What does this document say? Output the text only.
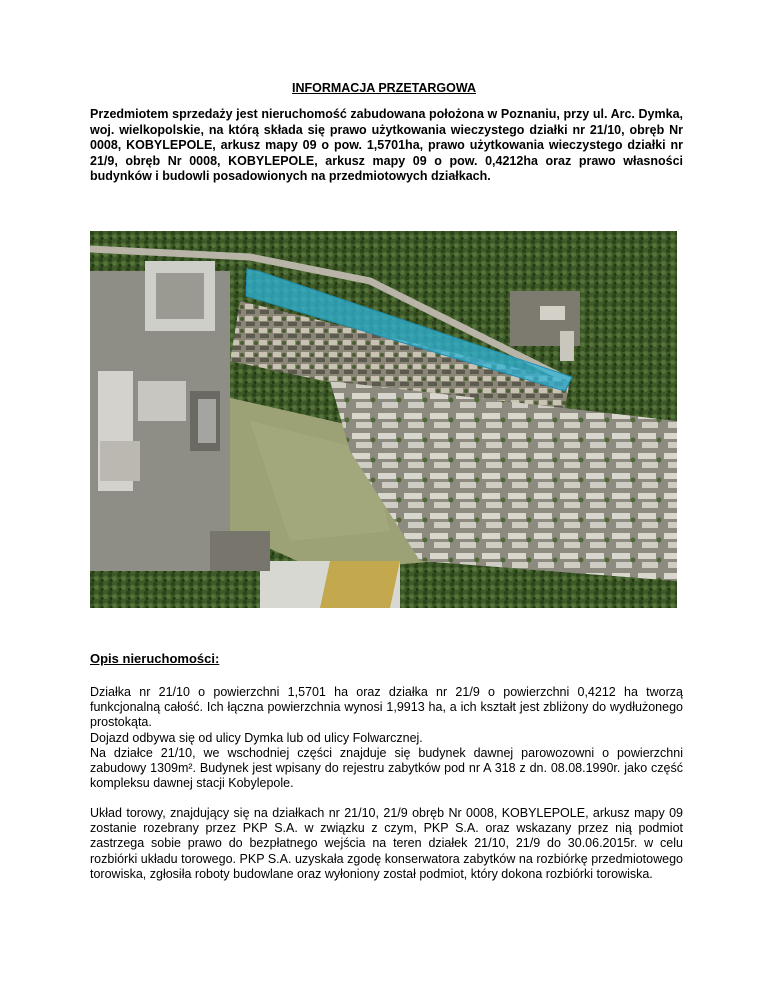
INFORMACJA PRZETARGOWA

Przedmiotem sprzedaży jest nieruchomość zabudowana położona w Poznaniu, przy ul. Arc. Dymka, woj. wielkopolskie, na którą składa się prawo użytkowania wieczystego działki nr 21/10, obręb Nr 0008, KOBYLEPOLE, arkusz mapy 09 o pow. 1,5701ha, prawo użytkowania wieczystego działki nr 21/9, obręb Nr 0008, KOBYLEPOLE, arkusz mapy 09 o pow. 0,4212ha oraz prawo własności budynków i budowli posadowionych na przedmiotowych działkach.

Opis nieruchomości:
Działka nr 21/10 o powierzchni 1,5701 ha oraz działka nr 21/9 o powierzchni 0,4212 ha tworzą funkcjonalną całość. Ich łączna powierzchnia wynosi 1,9913 ha, a ich kształt jest zbliżony do wydłużonego prostokąta.
Dojazd odbywa się od ulicy Dymka lub od ulicy Folwarcznej.
Na działce 21/10, we wschodniej części znajduje się budynek dawnej parowozowni o powierzchni zabudowy 1309m². Budynek jest wpisany do rejestru zabytków pod nr A 318 z dn. 08.08.1990r. jako część kompleksu dawnej stacji Kobylepole.

Układ torowy, znajdujący się na działkach nr 21/10, 21/9 obręb Nr 0008, KOBYLEPOLE, arkusz mapy 09 zostanie rozebrany przez PKP S.A. w związku z czym, PKP S.A. oraz wskazany przez nią podmiot zastrzega sobie prawo do bezpłatnego wejścia na teren działek 21/10, 21/9 do 30.06.2015r. w celu rozbiórki układu torowego. PKP S.A. uzyskała zgodę konserwatora zabytków na rozbiórkę przedmiotowego torowiska, zgłosiła roboty budowlane oraz wyłoniony został podmiot, który dokona rozbiórki torowiska.
